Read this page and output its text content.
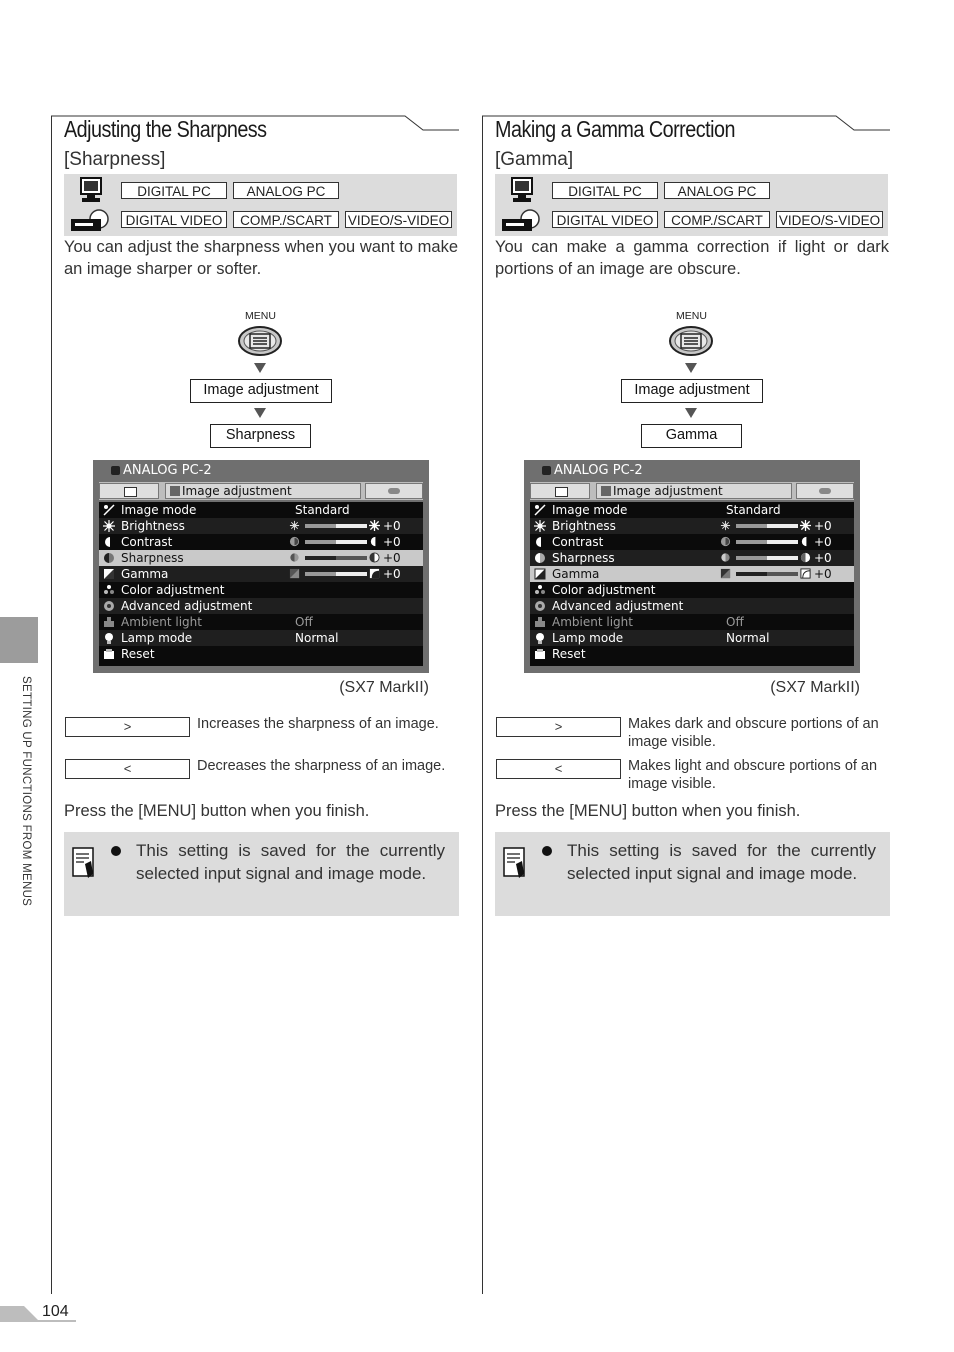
SETTING UP FUNCTIONS FROM MENUS
104
Adjusting the Sharpness
[Sharpness]
DIGITAL PC	ANALOG PC
DIGITAL VIDEO	COMP./SCART	VIDEO/S-VIDEO
You can adjust the sharpness when you want to make an image sharper or softer.
MENU
Image adjustment
Sharpness
ANALOG PC-2
Image adjustment
Image mode	Standard
Brightness	+0
Contrast	+0
Sharpness	+0
Gamma	+0
Color adjustment
Advanced adjustment
Ambient light	Off
Lamp mode	Normal
Reset
(SX7 MarkII)
>	Increases the sharpness of an image.
<	Decreases the sharpness of an image.
Press the [MENU] button when you finish.
This setting is saved for the currently selected input signal and image mode.
Making a Gamma Correction
[Gamma]
DIGITAL PC	ANALOG PC
DIGITAL VIDEO	COMP./SCART	VIDEO/S-VIDEO
You can make a gamma correction if light or dark portions of an image are obscure.
MENU
Image adjustment
Gamma
ANALOG PC-2
Image adjustment
Image mode	Standard
Brightness	+0
Contrast	+0
Sharpness	+0
Gamma	+0
Color adjustment
Advanced adjustment
Ambient light	Off
Lamp mode	Normal
Reset
(SX7 MarkII)
>	Makes dark and obscure portions of an image visible.
<	Makes light and obscure portions of an image visible.
Press the [MENU] button when you finish.
This setting is saved for the currently selected input signal and image mode.
